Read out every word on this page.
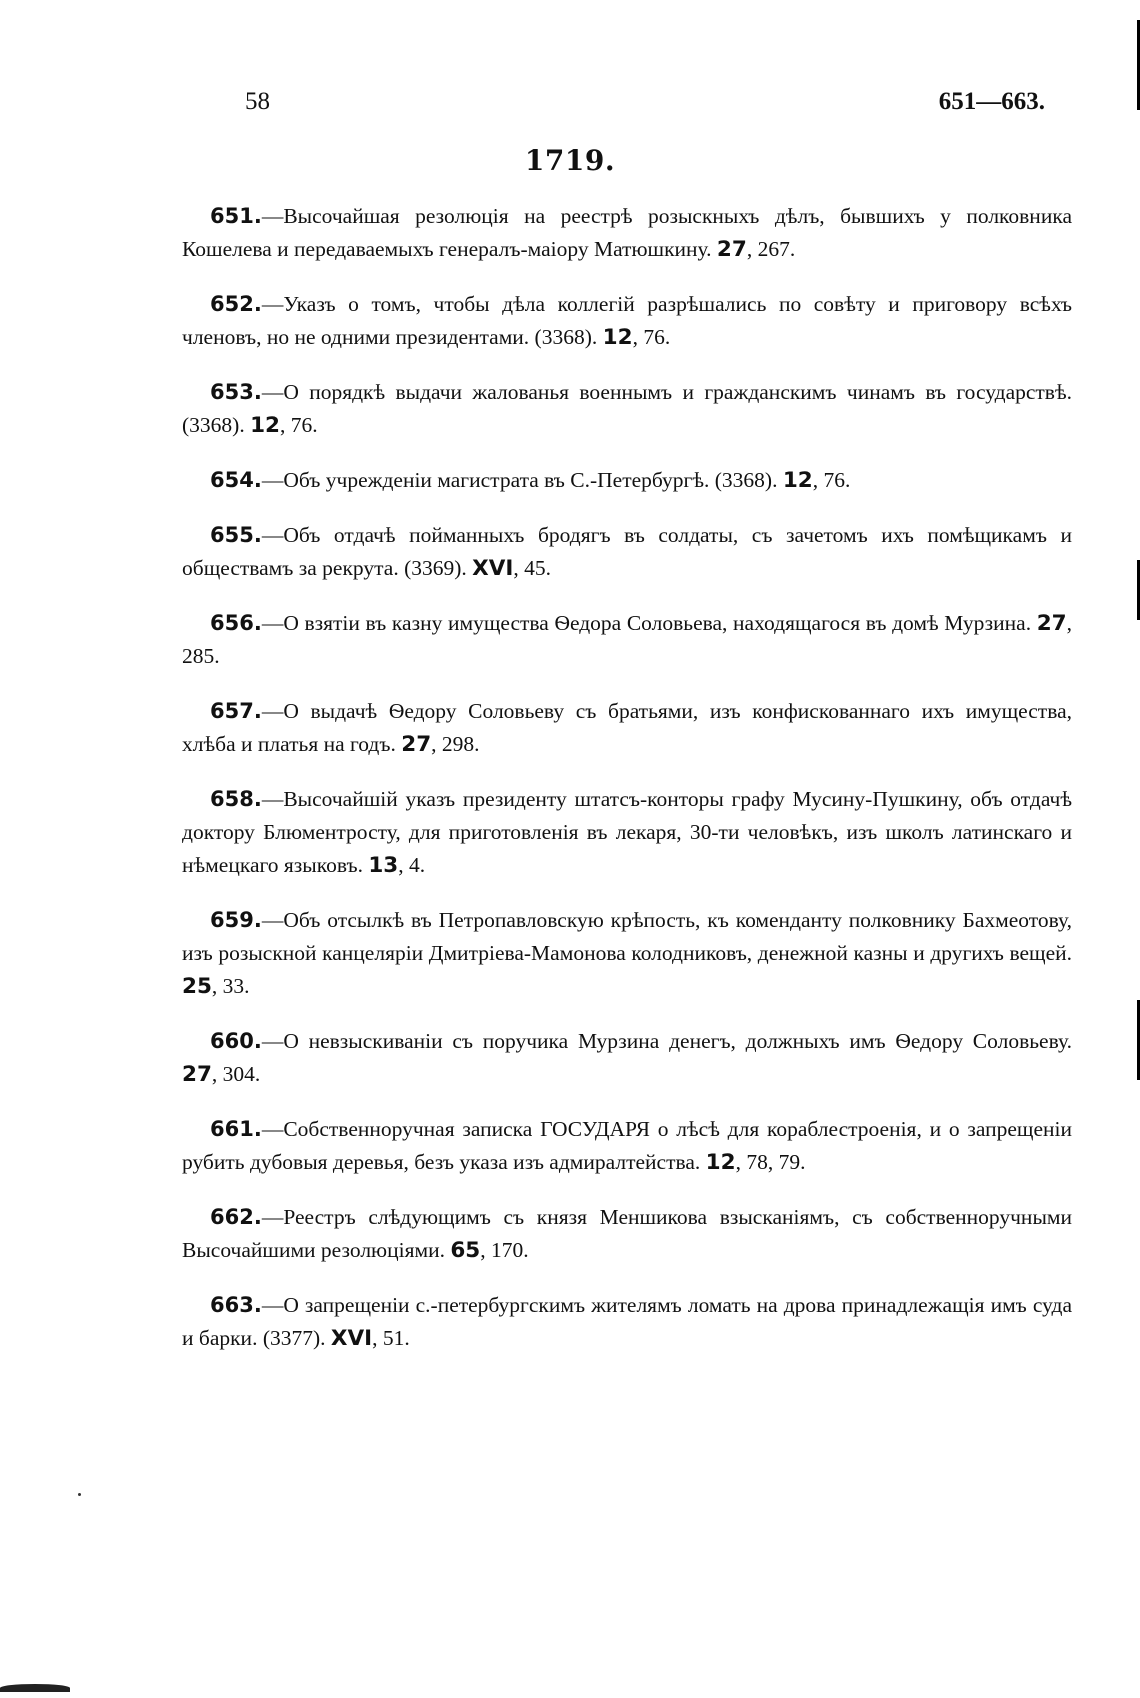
58	651—663.
1719.

651.—Высочайшая резолюція на реестрѣ розыскныхъ дѣлъ, бывшихъ у полковника Кошелева и передаваемыхъ генералъ-маіору Матюшкину. 27, 267.

652.—Указъ о томъ, чтобы дѣла коллегій разрѣшались по совѣту и приговору всѣхъ членовъ, но не одними президентами. (3368). 12, 76.

653.—О порядкѣ выдачи жалованья военнымъ и гражданскимъ чинамъ въ государствѣ. (3368). 12, 76.

654.—Объ учрежденіи магистрата въ С.-Петербургѣ. (3368). 12, 76.

655.—Объ отдачѣ пойманныхъ бродягъ въ солдаты, съ зачетомъ ихъ помѣщикамъ и обществамъ за рекрута. (3369). XVI, 45.

656.—О взятіи въ казну имущества Ѳедора Соловьева, находящагося въ домѣ Мурзина. 27, 285.

657.—О выдачѣ Ѳедору Соловьеву съ братьями, изъ конфискованнаго ихъ имущества, хлѣба и платья на годъ. 27, 298.

658.—Высочайшій указъ президенту штатсъ-конторы графу Мусину-Пушкину, объ отдачѣ доктору Блюментросту, для приготовленія въ лекаря, 30-ти человѣкъ, изъ школъ латинскаго и нѣмецкаго языковъ. 13, 4.

659.—Объ отсылкѣ въ Петропавловскую крѣпость, къ коменданту полковнику Бахмеотову, изъ розыскной канцеляріи Дмитріева-Мамонова колодниковъ, денежной казны и другихъ вещей. 25, 33.

660.—О невзыскиваніи съ поручика Мурзина денегъ, должныхъ имъ Ѳедору Соловьеву. 27, 304.

661.—Собственноручная записка ГОСУДАРЯ о лѣсѣ для кораблестроенія, и о запрещеніи рубить дубовыя деревья, безъ указа изъ адмиралтейства. 12, 78, 79.

662.—Реестръ слѣдующимъ съ князя Меншикова взысканіямъ, съ собственноручными Высочайшими резолюціями. 65, 170.

663.—О запрещеніи с.-петербургскимъ жителямъ ломать на дрова принадлежащія имъ суда и барки. (3377). XVI, 51.
